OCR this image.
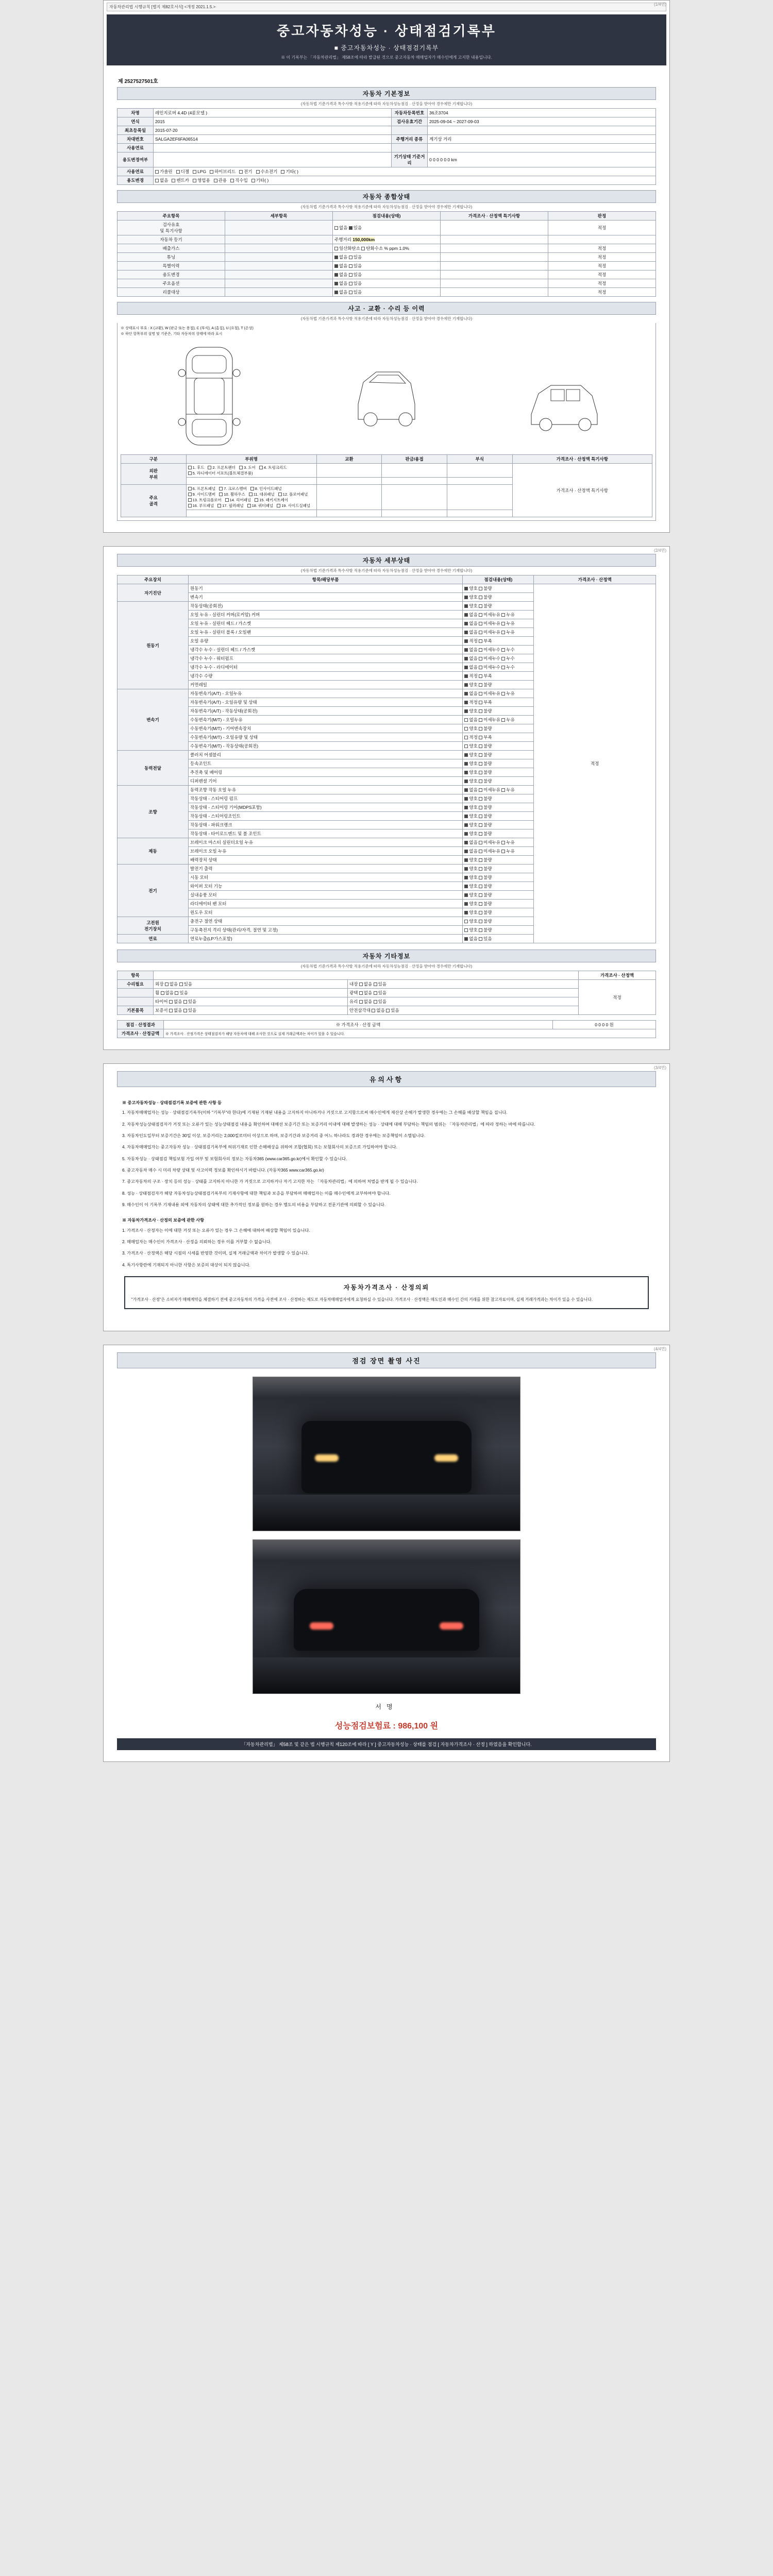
(1/4면)
자동차관리법 시행규칙 [별지 제82호서식] <개정 2021.1.5.>
중고자동차성능 · 상태점검기록부
■ 중고자동차성능 · 상태점검기록부
※ 이 기록부는 「자동차관리법」 제58조에 따라 발급된 것으로 중고자동차 매매업자가 매수인에게 고지한 내용입니다.
제 2527527501호
자동차 기본정보
(자동차법 기준가격과 특수사항 적용기준에 따라 자동차성능점검 · 산정을 받아야 경우에만 기재합니다)
차명	레인지로버 4.4D (4륜모델 )	자동차등록번호	36조3704
연식	2015	검사유효기간	2025-09-04 ~ 2027-09-03
최초등록일	2015-07-20		
차대번호	SALGA2EF6FA06514	주행거리 종류	계기상 거리
사용연료			
용도변경여부		기기상태 기준거리	0 0 0 0 0 0 km
사용연료	가솔린 디젤 LPG 하이브리드 전기 수소전기 기타( )		
용도변경	없음 렌트카 영업용 관용 직수입 기타( )		
자동차 종합상태
(자동차법 기준가격과 특수사항 적용기준에 따라 자동차성능점검 · 산정을 받아야 경우에만 기재합니다)
주요항목	세부항목	점검내용(상태)	가격조사 · 산정액 특기사항	판정
검사유효
및 특기사항		없음 있음		적정
자동차 등기		주행거리 150,000km		
배출가스		일산화탄소 탄화수소 % ppm 1.0%		적정
튜닝		없음 있음		적정
특별이력		없음 있음		적정
용도변경		없음 있음		적정
주요옵션		없음 있음		적정
리콜대상		없음 있음		적정
사고 · 교환 · 수리 등 이력
(자동차법 기준가격과 특수사항 적용기준에 따라 자동차성능점검 · 산정을 받아야 경우에만 기재합니다)
※ 상태표시 부호 : X (교환), W (판금 또는 용접), C (부식), A (흠집), U (요철), T (손상)
※ 하단 항목부위 설명 및 기준은, 기타 자동차의 상태에 따라 표시
구분	부위명	교환	판금/용접	부식	가격조사 · 산정액 특기사항
외판
부위	1. 후드 2. 프론트펜더 3. 도어 4. 트렁크리드5. 라디에이터 서포트(볼트체결부품)				가격조사 · 산정액 특기사항

주요
골격	6. 프론트패널 7. 크로스멤버 8. 인사이드패널9. 사이드멤버 10. 휠하우스 11. 대쉬패널 12. 플로어패널13. 트렁크플로어 14. 리어패널 15. 패키지트레이16. 루프패널 17. 필러패널 18. 쿼터패널 19. 사이드실패널				

(2/4면)
자동차 세부상태
(자동차법 기준가격과 특수사항 적용기준에 따라 자동차성능점검 · 산정을 받아야 경우에만 기재합니다)
주요장치	항목/해당부품	점검내용(상태)	가격조사 · 산정액
자기진단	원동기	양호 불량	적정
	변속기	양호 불량	
원동기	작동상태(공회전)	양호 불량	
	오일 누유 - 실린더 커버(로커암) 커버	없음 미세누유 누유	
	오일 누유 - 실린더 헤드 / 가스켓	없음 미세누유 누유	
	오일 누유 - 실린더 블록 / 오일팬	없음 미세누유 누유	
	오일 유량	적정 부족	
	냉각수 누수 - 실린더 헤드 / 가스켓	없음 미세누수 누수	
	냉각수 누수 - 워터펌프	없음 미세누수 누수	
	냉각수 누수 - 라디에이터	없음 미세누수 누수	
	냉각수 수량	적정 부족	
	커먼레일	양호 불량	
변속기	자동변속기(A/T) - 오일누유	없음 미세누유 누유	
	자동변속기(A/T) - 오일유량 및 상태	적정 부족	
	자동변속기(A/T) - 작동상태(공회전)	양호 불량	
	수동변속기(M/T) - 오일누유	없음 미세누유 누유	
	수동변속기(M/T) - 기어변속장치	양호 불량	
	수동변속기(M/T) - 오일유량 및 상태	적정 부족	
	수동변속기(M/T) - 작동상태(공회전)	양호 불량	
동력전달	클러치 어셈블리	양호 불량	
	등속조인트	양호 불량	
	추진축 및 베어링	양호 불량	
	디퍼렌셜 기어	양호 불량	
조향	동력조향 작동 오일 누유	없음 미세누유 누유	
	작동상태 - 스티어링 펌프	양호 불량	
	작동상태 - 스티어링 기어(MDPS포함)	양호 불량	
	작동상태 - 스티어링조인트	양호 불량	
	작동상태 - 파워크랭크	양호 불량	
	작동상태 - 타이로드엔드 및 볼 조인트	양호 불량	
제동	브레이크 마스터 실린더오일 누유	없음 미세누유 누유	
	브레이크 오일 누유	없음 미세누유 누유	
	배력장치 상태	양호 불량	
전기	발전기 출력	양호 불량	
	시동 모터	양호 불량	
	와이퍼 모터 기능	양호 불량	
	실내송풍 모터	양호 불량	
	라디에이터 팬 모터	양호 불량	
	윈도우 모터	양호 불량	
고전원
전기장치	충전구 절연 상태	양호 불량	
	구동축전지 격리 상태(관리/자격, 절연 및 고정)	양호 불량	
연료	연료누출(LP가스포함)	없음 있음	
자동차 기타정보
(자동차법 기준가격과 특수사항 적용기준에 따라 자동차성능점검 · 산정을 받아야 경우에만 기재합니다)
항목			가격조사 · 산정액
수리필요	외장 없음 있음	내장 없음 있음	적정
	휠 없음 있음	광택 없음 있음	
	타이어 없음 있음	유리 없음 있음	
기본품목	보증서 없음 있음	안전삼각대 없음 있음	
점검 · 산정결과	※ 가격조사 · 산정 금액	0 0 0 0 원
가격조사 · 산정금액	※ 가격조사 · 산정가격은 상태점검자가 해당 자동차에 대해 조사한 것으로 실제 거래금액과는 차이가 있을 수 있습니다.	
(3/4면)
유의사항
※ 중고자동차성능 · 상태점검기록 보증에 관한 사항 등

1. 자동차매매업자는 성능 · 상태점검기록부(이하 "기록부"라 한다)에 기재된 기재된 내용을 고지하지 아니하거나 거짓으로 고지함으로써 매수인에게 재산상 손해가 발생한 경우에는 그 손해를 배상할 책임을 집니다.

2. 자동차성능상태점검자가 거짓 또는 오류가 있는 성능상태점검 내용을 확인하여 대해선 보증기간 또는 보증거리 이내에 대해 발생하는 성능 · 상태에 대해 부담하는 책임의 범위는 「자동차관리법」에 따라 정하는 바에 따릅니다.

3. 자동차인도일부터 보증기간은 30일 이상, 보증거리는 2,000킬로미터 이상으로 하며, 보증기간과 보증거리 중 어느 하나라도 경과한 경우에는 보증책임이 소멸됩니다.

4. 자동차매매업자는 중고자동차 성능 · 상태점검기록부에 허위기재로 인한 손해배상을 위하여 조합(협회) 또는 보험회사의 보증으로 가입하여야 합니다.

5. 자동차성능 · 상태점검 책임보험 가입 여부 및 보험회사의 정보는 자동차365 (www.car365.go.kr)에서 확인할 수 있습니다.

6. 중고자동차 매수 시 미리 차량 상태 및 사고이력 정보를 확인하시기 바랍니다. (자동차365 www.car365.go.kr)

7. 중고자동차의 구조 · 장치 등의 성능 · 상태를 고지하지 아니한 가 거짓으로 고지하거나 자기 고지한 자는 「자동차관리법」에 의하여 처벌을 받게 될 수 있습니다.

8. 성능 · 상태점검자가 해당 자동차성능상태점검기록부의 기재사항에 대한 책임과 보증을 부담하며 매매업자는 이를 매수인에게 교부하여야 합니다.

9. 매수인이 이 기록부 기재내용 외에 자동차의 상태에 대한 추가적인 정보를 원하는 경우 별도의 비용을 부담하고 전문기관에 의뢰할 수 있습니다.

※ 자동차가격조사 · 산정의 보증에 관한 사항

1. 가격조사 · 산정자는 이에 대한 거짓 또는 오류가 있는 경우 그 손해에 대하여 배상할 책임이 있습니다.

2. 매매업자는 매수인이 가격조사 · 산정을 의뢰하는 경우 이를 거부할 수 없습니다.

3. 가격조사 · 산정액은 해당 시점의 시세를 반영한 것이며, 실제 거래금액과 차이가 발생할 수 있습니다.

4. 특기사항란에 기재되지 아니한 사항은 보증의 대상이 되지 않습니다.

자동차가격조사 · 산정의뢰
"가격조사 · 산정"은 소비자가 매매계약을 체결하기 전에 중고자동차의 가격을 사전에 조사 · 산정하는 제도로 자동차매매업자에게 요청하실 수 있습니다. 가격조사 · 산정액은 매도인과 매수인 간의 거래를 위한 참고자료이며, 실제 거래가격과는 차이가 있을 수 있습니다.
(4/4면)
점검 장면 촬영 사진
서명
성능점검보험료 : 986,100 원
「자동차관리법」 제58조 및 같은 법 시행규칙 제120조에 따라 [ Y ] 중고자동차성능 · 상태를 점검 [ 자동차가격조사 · 산정 ] 하였음을 확인합니다.
